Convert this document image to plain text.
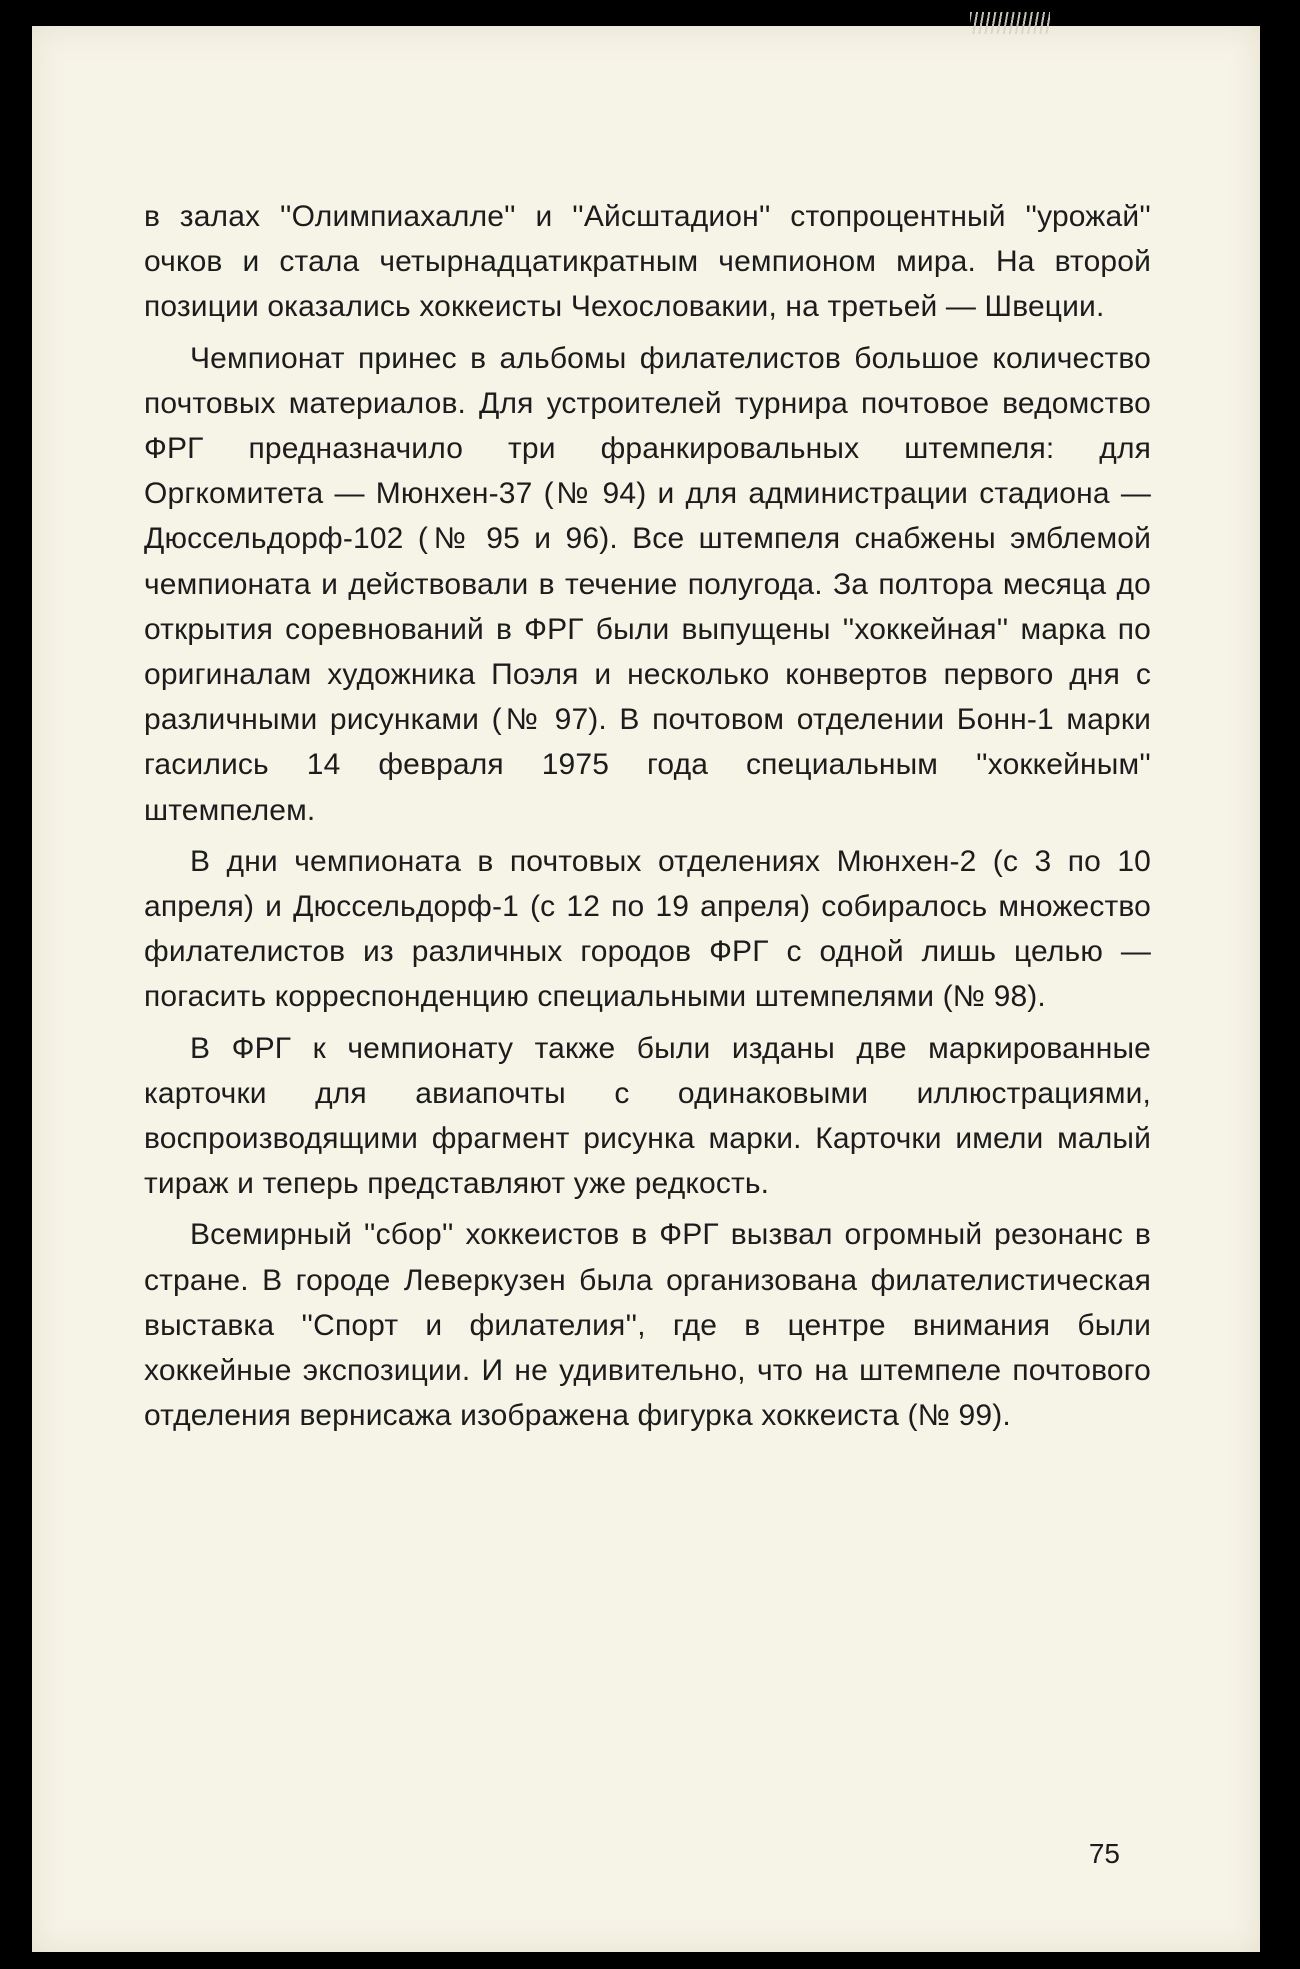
в залах ''Олимпиахалле'' и ''Айсштадион'' стопроцентный ''урожай'' очков и стала четырнадцатикратным чемпионом мира. На второй позиции оказались хоккеисты Чехословакии, на третьей — Швеции.

Чемпионат принес в альбомы филателистов большое количество почтовых материалов. Для устроителей турнира почтовое ведомство ФРГ предназначило три франкировальных штемпеля: для Оргкомитета — Мюнхен-37 (№ 94) и для администрации стадиона — Дюссельдорф-102 (№ 95 и 96). Все штемпеля снабжены эмблемой чемпионата и действовали в течение полугода. За полтора месяца до открытия соревнований в ФРГ были выпущены ''хоккейная'' марка по оригиналам художника Поэля и несколько конвертов первого дня с различными рисунками (№ 97). В почтовом отделении Бонн-1 марки гасились 14 февраля 1975 года специальным ''хоккейным'' штемпелем.

В дни чемпионата в почтовых отделениях Мюнхен-2 (с 3 по 10 апреля) и Дюссельдорф-1 (с 12 по 19 апреля) собиралось множество филателистов из различных городов ФРГ с одной лишь целью — погасить корреспонденцию специальными штемпелями (№ 98).

В ФРГ к чемпионату также были изданы две маркированные карточки для авиапочты с одинаковыми иллюстрациями, воспроизводящими фрагмент рисунка марки. Карточки имели малый тираж и теперь представляют уже редкость.

Всемирный ''сбор'' хоккеистов в ФРГ вызвал огромный резонанс в стране. В городе Леверкузен была организована филателистическая выставка ''Спорт и филателия'', где в центре внимания были хоккейные экспозиции. И не удивительно, что на штемпеле почтового отделения вернисажа изображена фигурка хоккеиста (№ 99).

75
